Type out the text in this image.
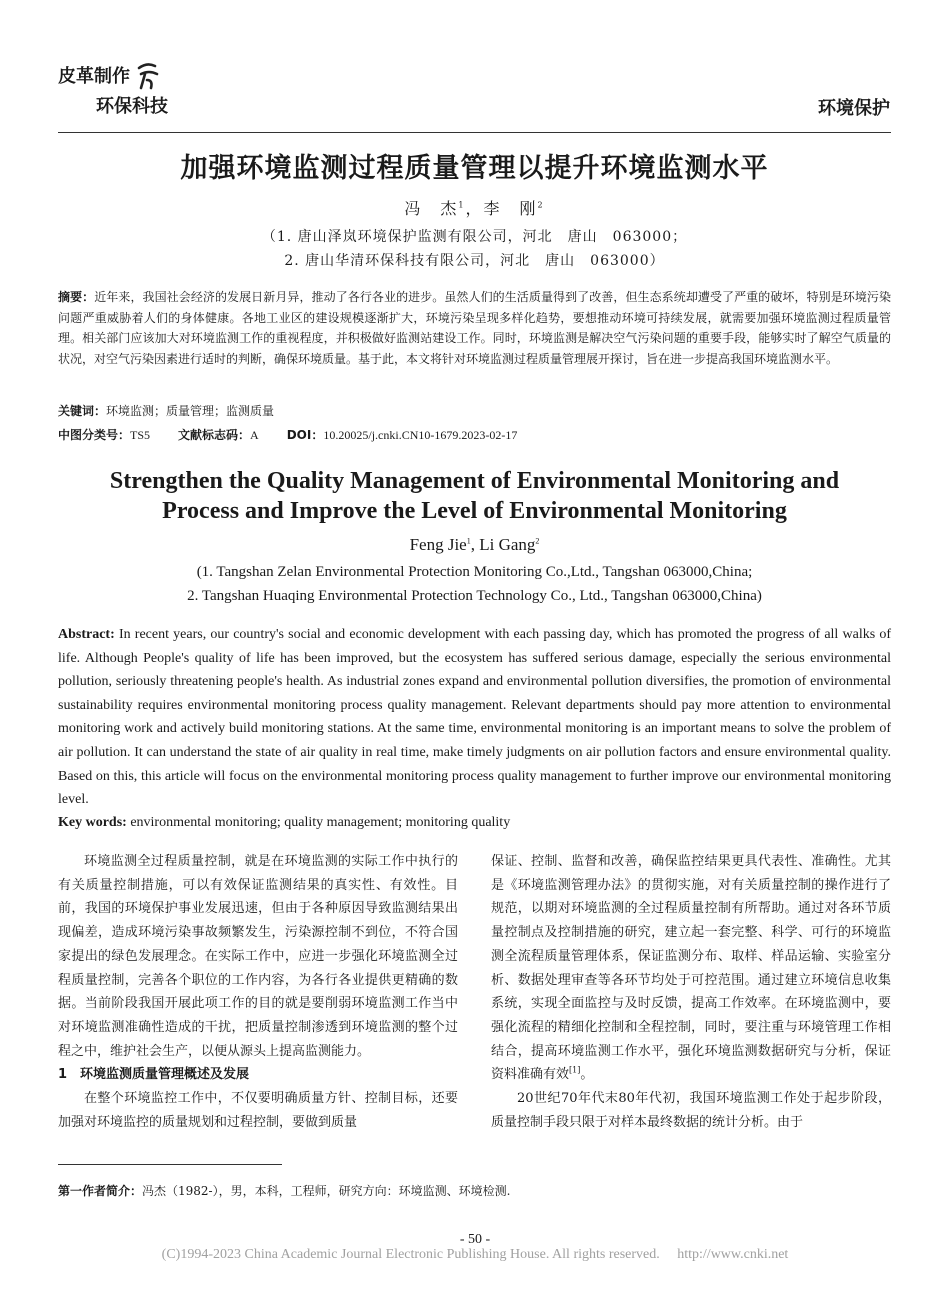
皮革制作
环保科技	环境保护
加强环境监测过程质量管理以提升环境监测水平
冯　杰$^1$，李　刚$^2$
（1. 唐山泽岚环境保护监测有限公司，河北　唐山　063000；
2. 唐山华清环保科技有限公司，河北　唐山　063000）
摘要：近年来，我国社会经济的发展日新月异，推动了各行各业的进步。虽然人们的生活质量得到了改善，但生态系统却遭受了严重的破坏，特别是环境污染问题严重威胁着人们的身体健康。各地工业区的建设规模逐渐扩大，环境污染呈现多样化趋势，要想推动环境可持续发展，就需要加强环境监测过程质量管理。相关部门应该加大对环境监测工作的重视程度，并积极做好监测站建设工作。同时，环境监测是解决空气污染问题的重要手段，能够实时了解空气质量的状况，对空气污染因素进行适时的判断，确保环境质量。基于此，本文将针对环境监测过程质量管理展开探讨，旨在进一步提高我国环境监测水平。
关键词：环境监测；质量管理；监测质量
中图分类号：TS5 文献标志码：A DOI：10.20025/j.cnki.CN10-1679.2023-02-17
Strengthen the Quality Management of Environmental Monitoring and
Process and Improve the Level of Environmental Monitoring
Feng Jie$^1$, Li Gang$^2$
(1. Tangshan Zelan Environmental Protection Monitoring Co.,Ltd., Tangshan 063000,China;
2. Tangshan Huaqing Environmental Protection Technology Co., Ltd., Tangshan 063000,China)
Abstract: In recent years, our country's social and economic development with each passing day, which has promoted the progress of all walks of life. Although People's quality of life has been improved, but the ecosystem has suffered serious damage, especially the serious environmental pollution, seriously threatening people's health. As industrial zones expand and environmental pollution diversifies, the promotion of environmental sustainability requires environmental monitoring process quality management. Relevant departments should pay more attention to environmental monitoring work and actively build monitoring stations. At the same time, environmental monitoring is an important means to solve the problem of air pollution. It can understand the state of air quality in real time, make timely judgments on air pollution factors and ensure environmental quality. Based on this, this article will focus on the environmental monitoring process quality management to further improve our environmental monitoring level.
Key words: environmental monitoring; quality management; monitoring quality

环境监测全过程质量控制，就是在环境监测的实际工作中执行的有关质量控制措施，可以有效保证监测结果的真实性、有效性。目前，我国的环境保护事业发展迅速，但由于各种原因导致监测结果出现偏差，造成环境污染事故频繁发生，污染源控制不到位，不符合国家提出的绿色发展理念。在实际工作中，应进一步强化环境监测全过程质量控制，完善各个职位的工作内容，为各行各业提供更精确的数据。当前阶段我国开展此项工作的目的就是要削弱环境监测工作当中对环境监测准确性造成的干扰，把质量控制渗透到环境监测的整个过程之中，维护社会生产，以便从源头上提高监测能力。

1　环境监测质量管理概述及发展

在整个环境监控工作中，不仅要明确质量方针、控制目标，还要加强对环境监控的质量规划和过程控制，要做到质量

保证、控制、监督和改善，确保监控结果更具代表性、准确性。尤其是《环境监测管理办法》的贯彻实施，对有关质量控制的操作进行了规范，以期对环境监测的全过程质量控制有所帮助。通过对各环节质量控制点及控制措施的研究，建立起一套完整、科学、可行的环境监测全流程质量管理体系，保证监测分布、取样、样品运输、实验室分析、数据处理审查等各环节均处于可控范围。通过建立环境信息收集系统，实现全面监控与及时反馈，提高工作效率。在环境监测中，要强化流程的精细化控制和全程控制，同时，要注重与环境管理工作相结合，提高环境监测工作水平，强化环境监测数据研究与分析，保证资料准确有效[1]。

20世纪70年代末80年代初，我国环境监测工作处于起步阶段，质量控制手段只限于对样本最终数据的统计分析。由于

第一作者简介：冯杰（1982-），男，本科，工程师，研究方向：环境监测、环境检测.
- 50 -
(C)1994-2023 China Academic Journal Electronic Publishing House. All rights reserved.　 http://www.cnki.net
